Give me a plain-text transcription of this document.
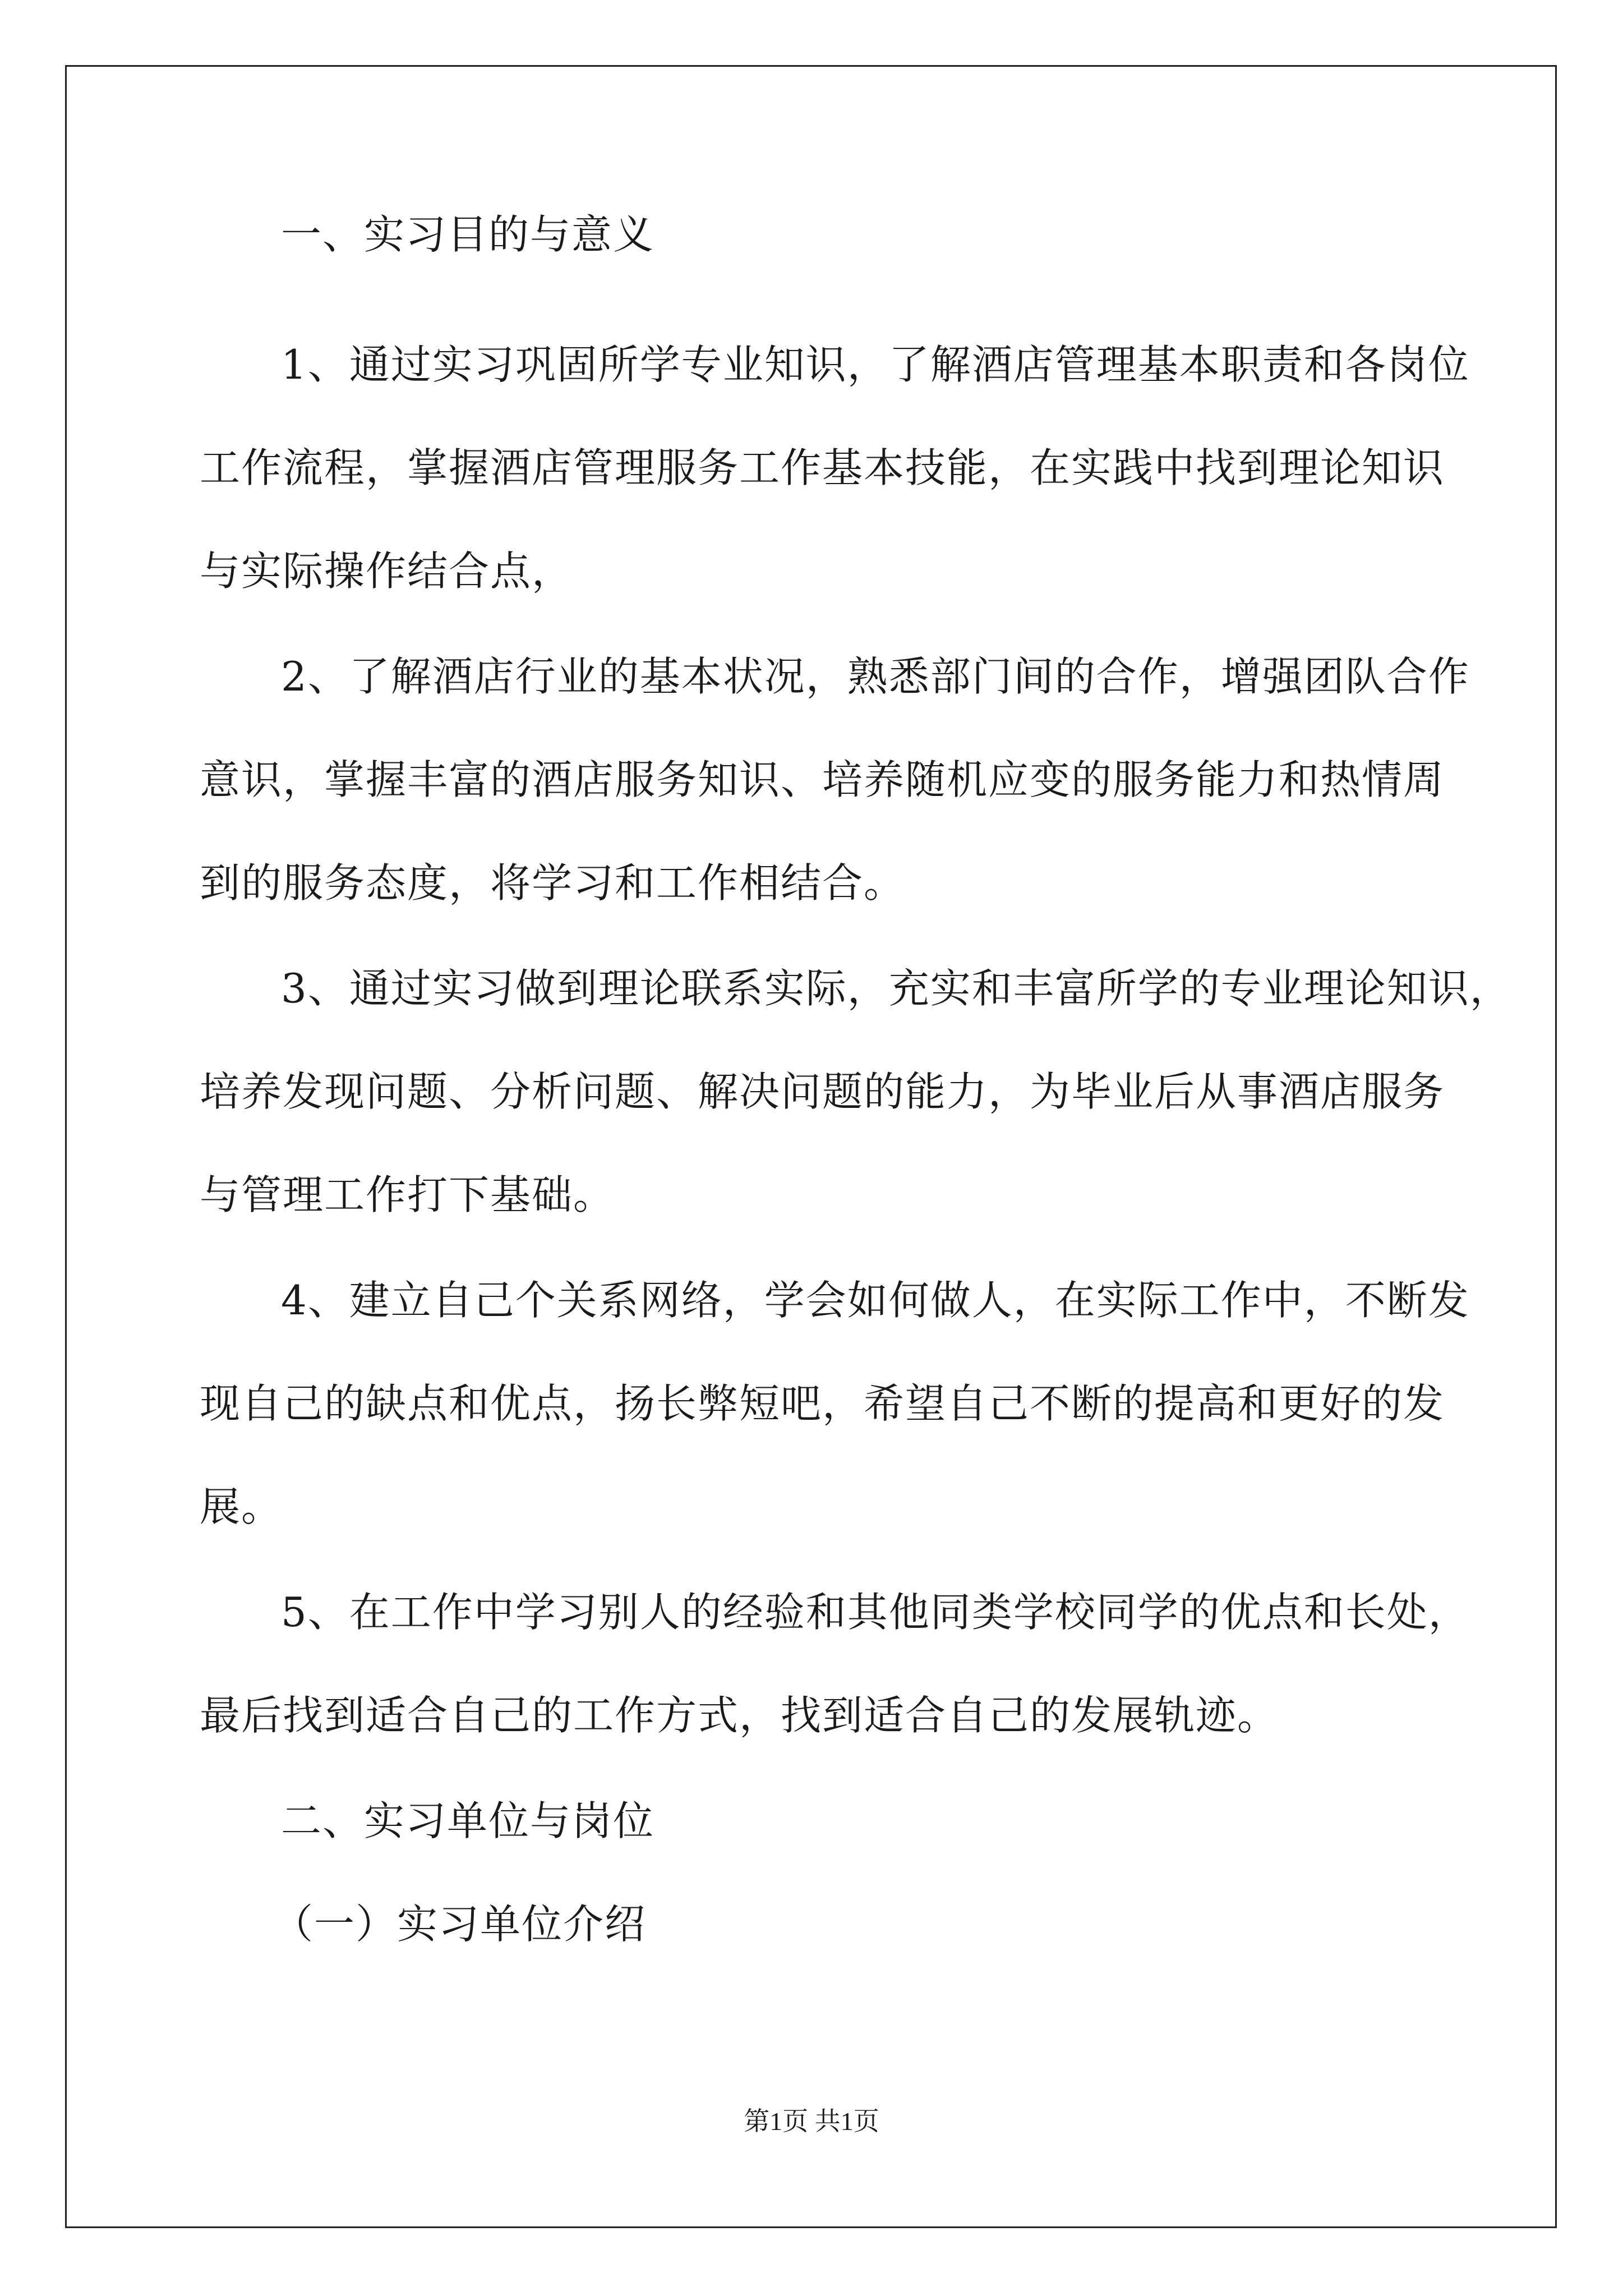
一、实习目的与意义
1、通过实习巩固所学专业知识，了解酒店管理基本职责和各岗位
工作流程，掌握酒店管理服务工作基本技能，在实践中找到理论知识
与实际操作结合点，
2、了解酒店行业的基本状况，熟悉部门间的合作，增强团队合作
意识，掌握丰富的酒店服务知识、培养随机应变的服务能力和热情周
到的服务态度，将学习和工作相结合。
3、通过实习做到理论联系实际，充实和丰富所学的专业理论知识，
培养发现问题、分析问题、解决问题的能力，为毕业后从事酒店服务
与管理工作打下基础。
4、建立自己个关系网络，学会如何做人，在实际工作中，不断发
现自己的缺点和优点，扬长弊短吧，希望自己不断的提高和更好的发
展。
5、在工作中学习别人的经验和其他同类学校同学的优点和长处，
最后找到适合自己的工作方式，找到适合自己的发展轨迹。
二、实习单位与岗位
（一）实习单位介绍
第1页 共1页
